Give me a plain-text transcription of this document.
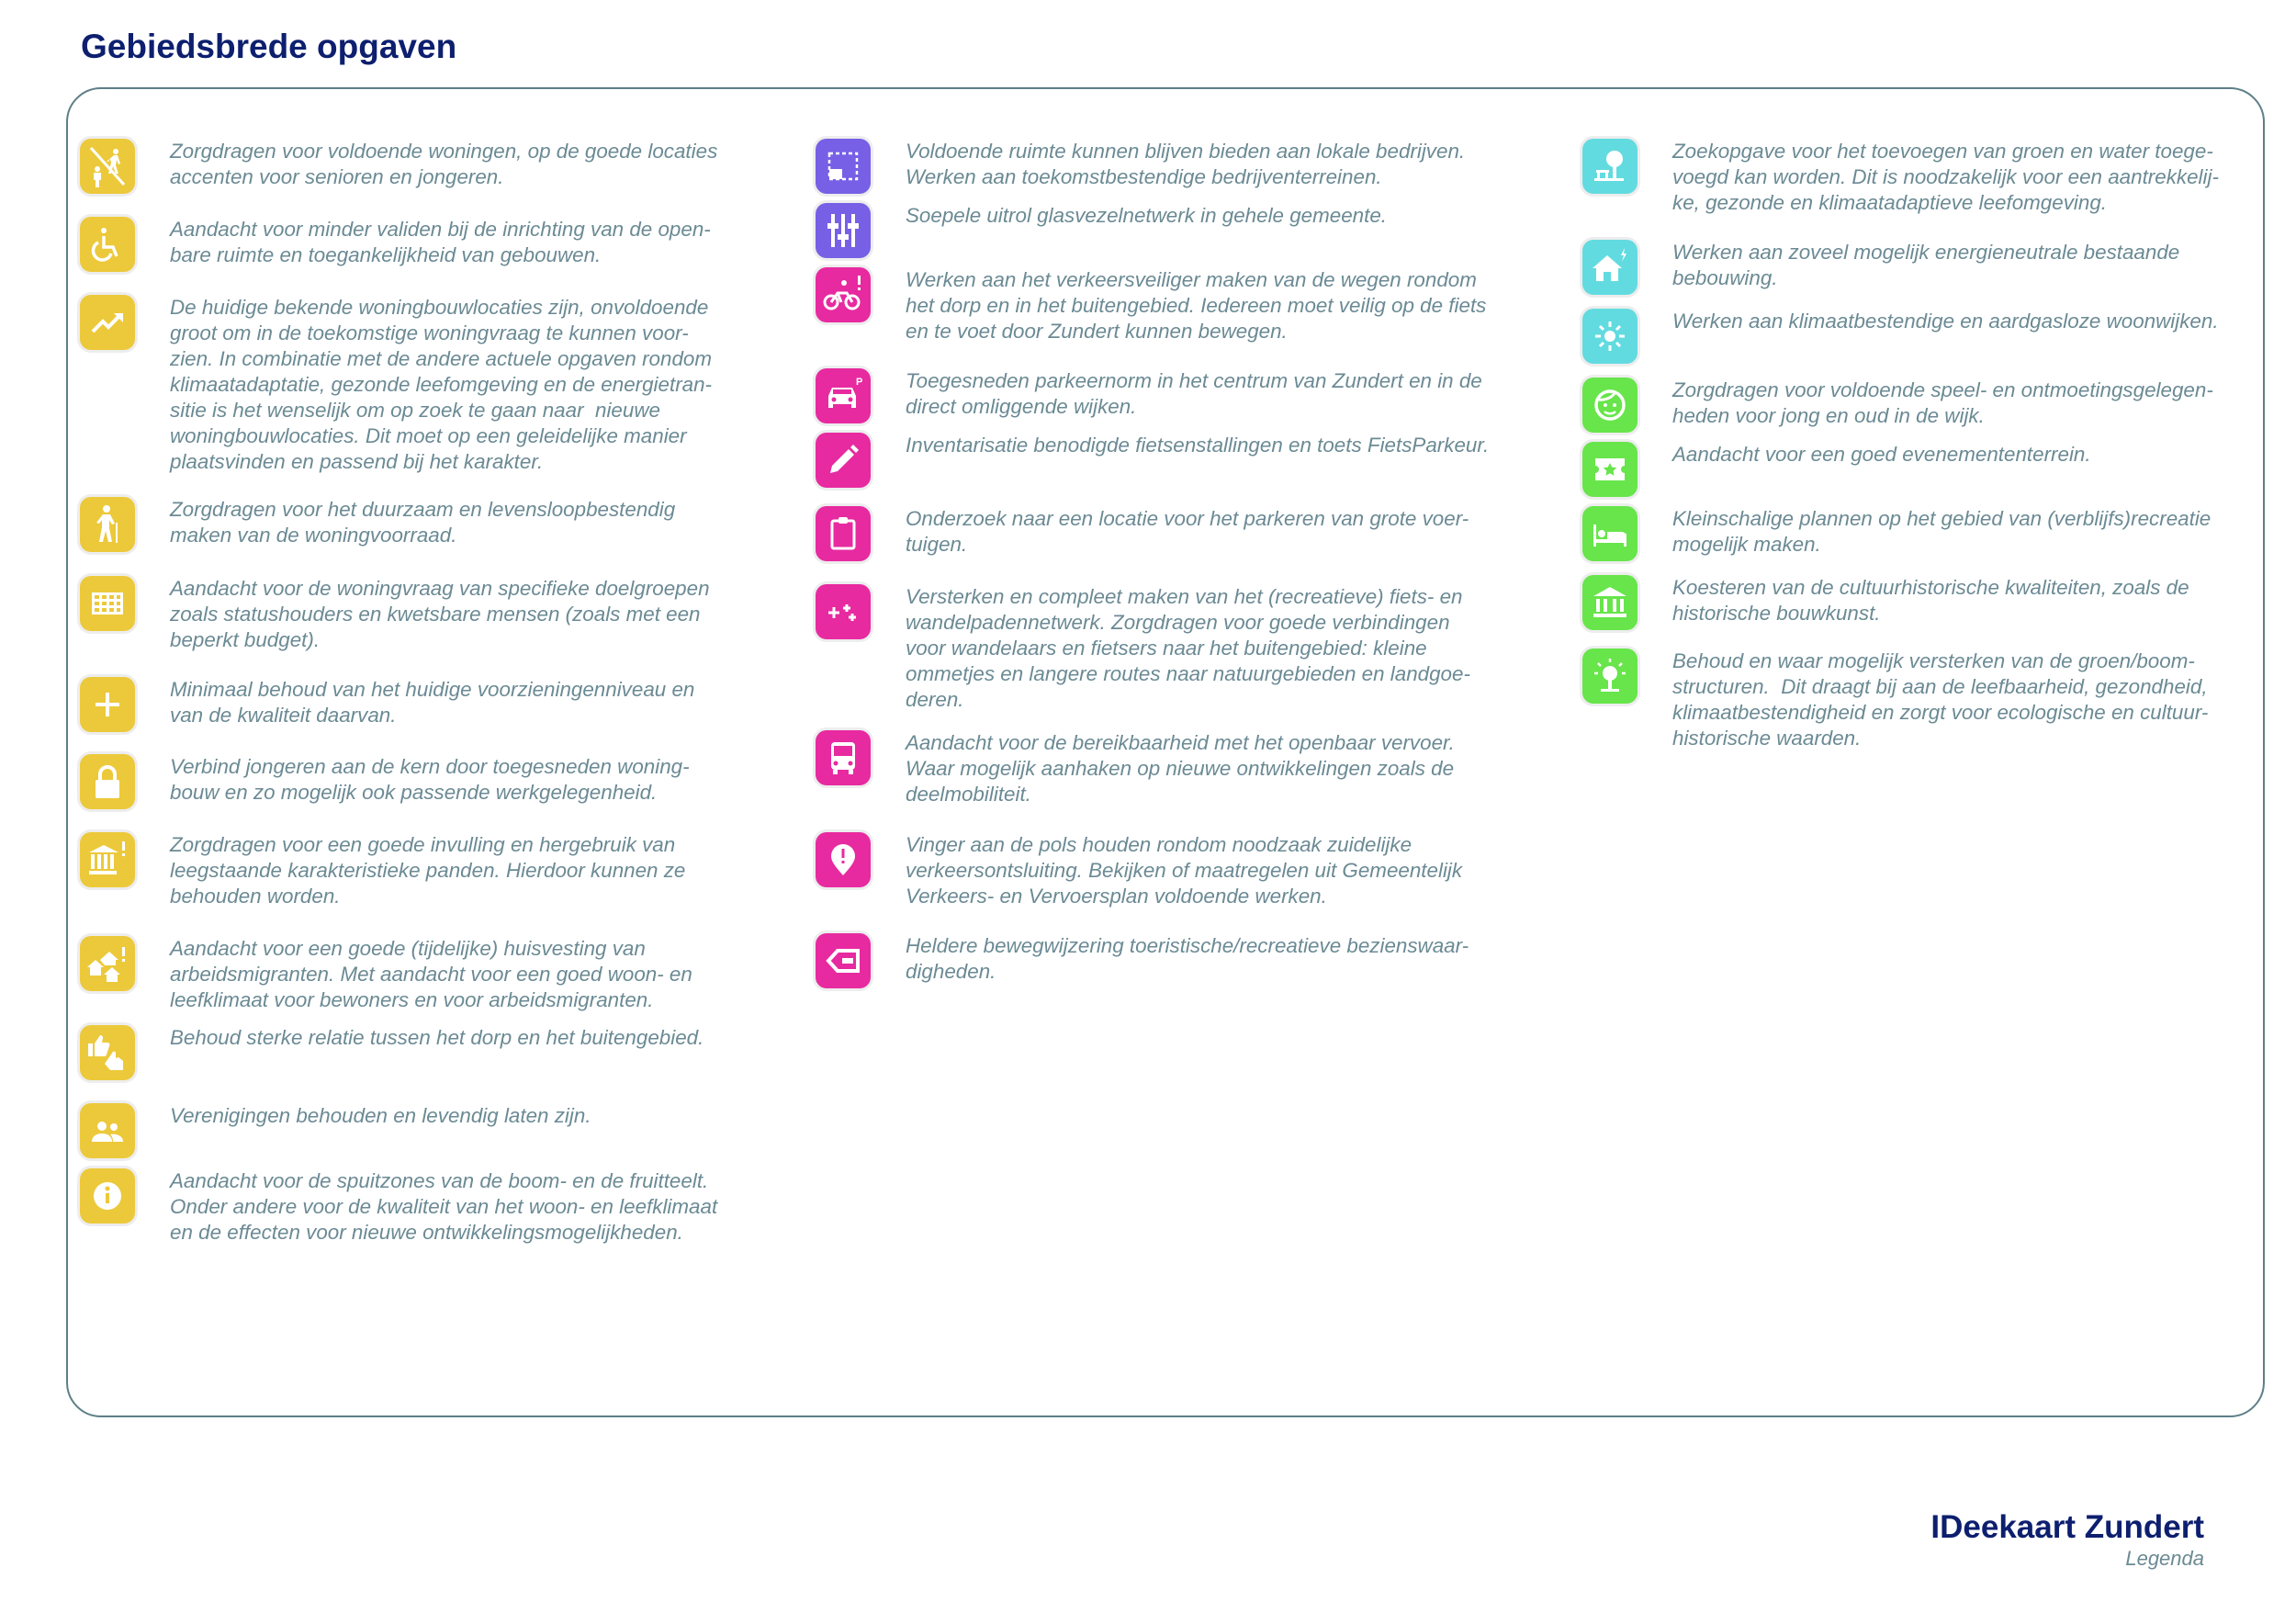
Gebiedsbrede opgaven
Zorgdragen voor voldoende woningen, op de goede locaties
accenten voor senioren en jongeren.
Aandacht voor minder validen bij de inrichting van de open-
bare ruimte en toegankelijkheid van gebouwen.
De huidige bekende woningbouwlocaties zijn, onvoldoende
groot om in de toekomstige woningvraag te kunnen voor-
zien. In combinatie met de andere actuele opgaven rondom
klimaatadaptatie, gezonde leefomgeving en de energietran-
sitie is het wenselijk om op zoek te gaan naar  nieuwe
woningbouwlocaties. Dit moet op een geleidelijke manier
plaatsvinden en passend bij het karakter.
Zorgdragen voor het duurzaam en levensloopbestendig
maken van de woningvoorraad.
Aandacht voor de woningvraag van specifieke doelgroepen
zoals statushouders en kwetsbare mensen (zoals met een
beperkt budget).
Minimaal behoud van het huidige voorzieningenniveau en
van de kwaliteit daarvan.
Verbind jongeren aan de kern door toegesneden woning-
bouw en zo mogelijk ook passende werkgelegenheid.
Zorgdragen voor een goede invulling en hergebruik van
leegstaande karakteristieke panden. Hierdoor kunnen ze
behouden worden.
Aandacht voor een goede (tijdelijke) huisvesting van
arbeidsmigranten. Met aandacht voor een goed woon- en
leefklimaat voor bewoners en voor arbeidsmigranten.
Behoud sterke relatie tussen het dorp en het buitengebied.
Verenigingen behouden en levendig laten zijn.
Aandacht voor de spuitzones van de boom- en de fruitteelt.
Onder andere voor de kwaliteit van het woon- en leefklimaat
en de effecten voor nieuwe ontwikkelingsmogelijkheden.
Voldoende ruimte kunnen blijven bieden aan lokale bedrijven.
Werken aan toekomstbestendige bedrijventerreinen.
Soepele uitrol glasvezelnetwerk in gehele gemeente.
Werken aan het verkeersveiliger maken van de wegen rondom
het dorp en in het buitengebied. Iedereen moet veilig op de fiets
en te voet door Zundert kunnen bewegen.
P Toegesneden parkeernorm in het centrum van Zundert en in de
direct omliggende wijken.
Inventarisatie benodigde fietsenstallingen en toets FietsParkeur.
Onderzoek naar een locatie voor het parkeren van grote voer-
tuigen.
Versterken en compleet maken van het (recreatieve) fiets- en
wandelpadennetwerk. Zorgdragen voor goede verbindingen
voor wandelaars en fietsers naar het buitengebied: kleine
ommetjes en langere routes naar natuurgebieden en landgoe-
deren.
Aandacht voor de bereikbaarheid met het openbaar vervoer.
Waar mogelijk aanhaken op nieuwe ontwikkelingen zoals de
deelmobiliteit.
Vinger aan de pols houden rondom noodzaak zuidelijke
verkeersontsluiting. Bekijken of maatregelen uit Gemeentelijk
Verkeers- en Vervoersplan voldoende werken.
Heldere bewegwijzering toeristische/recreatieve bezienswaar-
digheden.
Zoekopgave voor het toevoegen van groen en water toege-
voegd kan worden. Dit is noodzakelijk voor een aantrekkelij-
ke, gezonde en klimaatadaptieve leefomgeving.
Werken aan zoveel mogelijk energieneutrale bestaande
bebouwing.
Werken aan klimaatbestendige en aardgasloze woonwijken.
Zorgdragen voor voldoende speel- en ontmoetingsgelegen-
heden voor jong en oud in de wijk.
Aandacht voor een goed evenemententerrein.
Kleinschalige plannen op het gebied van (verblijfs)recreatie
mogelijk maken.
Koesteren van de cultuurhistorische kwaliteiten, zoals de
historische bouwkunst.
Behoud en waar mogelijk versterken van de groen/boom-
structuren.  Dit draagt bij aan de leefbaarheid, gezondheid,
klimaatbestendigheid en zorgt voor ecologische en cultuur-
historische waarden.
IDeekaart Zundert
Legenda
